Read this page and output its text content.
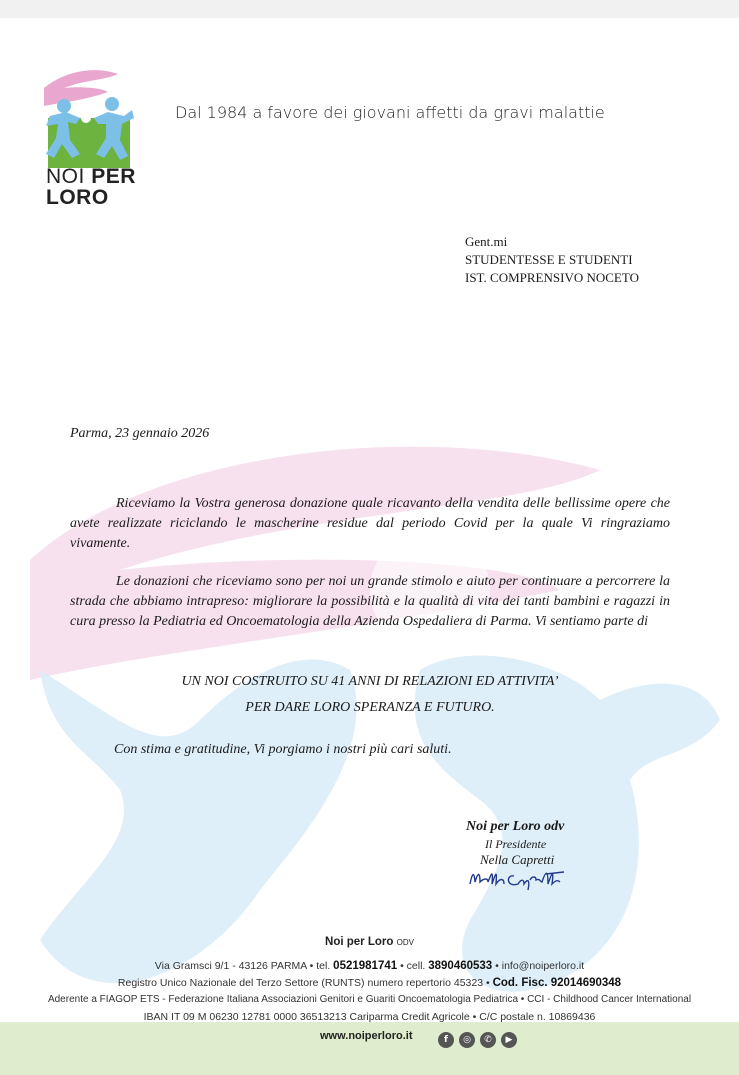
NOI PER
LORO
Dal 1984 a favore dei giovani affetti da gravi malattie
Gent.mi
STUDENTESSE E STUDENTI
IST. COMPRENSIVO NOCETO
Parma, 23 gennaio 2026
Riceviamo la Vostra generosa donazione quale ricavanto della vendita delle bellissime opere che avete realizzate riciclando le mascherine residue dal periodo Covid per la quale Vi ringraziamo vivamente.
Le donazioni che riceviamo sono per noi un grande stimolo e aiuto per continuare a percorrere la strada che abbiamo intrapreso: migliorare la possibilità e la qualità di vita dei tanti bambini e ragazzi in cura presso la Pediatria ed Oncoematologia della Azienda Ospedaliera di Parma. Vi sentiamo parte di
UN NOI COSTRUITO SU 41 ANNI DI RELAZIONI ED ATTIVITA’
PER DARE LORO SPERANZA E FUTURO.
Con stima e gratitudine, Vi porgiamo i nostri più cari saluti.
Noi per Loro odv
Il Presidente
Nella Capretti
Noi per Loro ODV
Via Gramsci 9/1 - 43126 PARMA • tel. 0521981741 • cell. 3890460533 • info@noiperloro.it
Registro Unico Nazionale del Terzo Settore (RUNTS) numero repertorio 45323 • Cod. Fisc. 92014690348
Aderente a FIAGOP ETS - Federazione Italiana Associazioni Genitori e Guariti Oncoematologia Pediatrica • CCI - Childhood Cancer International
IBAN IT 09 M 06230 12781 0000 36513213 Cariparma Credit Agricole • C/C postale n. 10869436
www.noiperloro.it	f	◎	✆	▶
